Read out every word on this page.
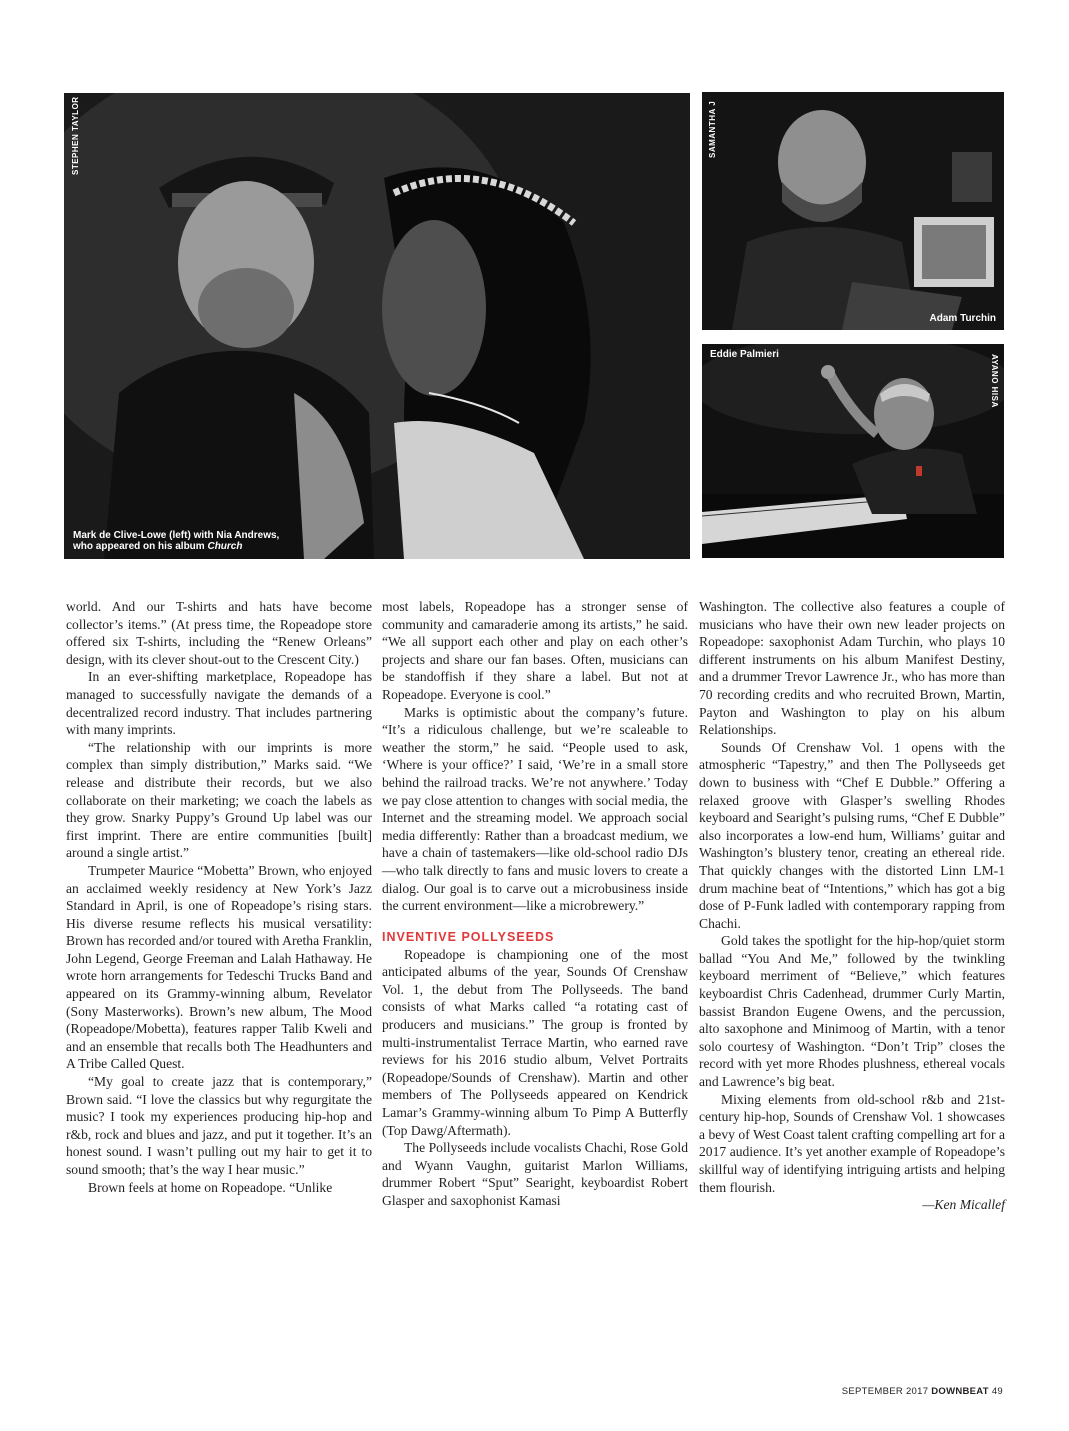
STEPHEN TAYLOR
Mark de Clive-Lowe (left) with Nia Andrews,
who appeared on his album Church
SAMANTHA J
Adam Turchin
Eddie Palmieri	AYANO HISA

world. And our T-shirts and hats have become collector’s items.” (At press time, the Ropeadope store offered six T-shirts, including the “Renew Orleans” design, with its clever shout-out to the Crescent City.)

In an ever-shifting marketplace, Ropeadope has managed to successfully navigate the demands of a decentralized record industry. That includes partnering with many imprints.

“The relationship with our imprints is more complex than simply distribution,” Marks said. “We release and distribute their records, but we also collaborate on their marketing; we coach the labels as they grow. Snarky Puppy’s Ground Up label was our first imprint. There are entire communities [built] around a single artist.”

Trumpeter Maurice “Mobetta” Brown, who enjoyed an acclaimed weekly residency at New York’s Jazz Standard in April, is one of Ropeadope’s rising stars. His diverse resume reflects his musical versatility: Brown has recorded and/or toured with Aretha Franklin, John Legend, George Freeman and Lalah Hathaway. He wrote horn arrangements for Tedeschi Trucks Band and appeared on its Grammy-winning album, Revelator (Sony Masterworks). Brown’s new album, The Mood (Ropeadope/Mobetta), features rapper Talib Kweli and and an ensemble that recalls both The Headhunters and A Tribe Called Quest.

“My goal to create jazz that is contemporary,” Brown said. “I love the classics but why regurgitate the music? I took my experiences producing hip-hop and r&b, rock and blues and jazz, and put it together. It’s an honest sound. I wasn’t pulling out my hair to get it to sound smooth; that’s the way I hear music.”

Brown feels at home on Ropeadope. “Unlike

most labels, Ropeadope has a stronger sense of community and camaraderie among its artists,” he said. “We all support each other and play on each other’s projects and share our fan bases. Often, musicians can be standoffish if they share a label. But not at Ropeadope. Everyone is cool.”

Marks is optimistic about the company’s future. “It’s a ridiculous challenge, but we’re scaleable to weather the storm,” he said. “People used to ask, ‘Where is your office?’ I said, ‘We’re in a small store behind the railroad tracks. We’re not anywhere.’ Today we pay close attention to changes with social media, the Internet and the streaming model. We approach social media differently: Rather than a broadcast medium, we have a chain of tastemakers—like old-school radio DJs—who talk directly to fans and music lovers to create a dialog. Our goal is to carve out a microbusiness inside the current environment—like a microbrewery.”

INVENTIVE POLLYSEEDS

Ropeadope is championing one of the most anticipated albums of the year, Sounds Of Crenshaw Vol. 1, the debut from The Pollyseeds. The band consists of what Marks called “a rotating cast of producers and musicians.” The group is fronted by multi-instrumentalist Terrace Martin, who earned rave reviews for his 2016 studio album, Velvet Portraits (Ropeadope/Sounds of Crenshaw). Martin and other members of The Pollyseeds appeared on Kendrick Lamar’s Grammy-winning album To Pimp A Butterfly (Top Dawg/Aftermath).

The Pollyseeds include vocalists Chachi, Rose Gold and Wyann Vaughn, guitarist Marlon Williams, drummer Robert “Sput” Searight, keyboardist Robert Glasper and saxophonist Kamasi

Washington. The collective also features a couple of musicians who have their own new leader projects on Ropeadope: saxophonist Adam Turchin, who plays 10 different instruments on his album Manifest Destiny, and a drummer Trevor Lawrence Jr., who has more than 70 recording credits and who recruited Brown, Martin, Payton and Washington to play on his album Relationships.

Sounds Of Crenshaw Vol. 1 opens with the atmospheric “Tapestry,” and then The Pollyseeds get down to business with “Chef E Dubble.” Offering a relaxed groove with Glasper’s swelling Rhodes keyboard and Searight’s pulsing rums, “Chef E Dubble” also incorporates a low-end hum, Williams’ guitar and Washington’s blustery tenor, creating an ethereal ride. That quickly changes with the distorted Linn LM-1 drum machine beat of “Intentions,” which has got a big dose of P-Funk ladled with contemporary rapping from Chachi.

Gold takes the spotlight for the hip-hop/quiet storm ballad “You And Me,” followed by the twinkling keyboard merriment of “Believe,” which features keyboardist Chris Cadenhead, drummer Curly Martin, bassist Brandon Eugene Owens, and the percussion, alto saxophone and Minimoog of Martin, with a tenor solo courtesy of Washington. “Don’t Trip” closes the record with yet more Rhodes plushness, ethereal vocals and Lawrence’s big beat.

Mixing elements from old-school r&b and 21st-century hip-hop, Sounds of Crenshaw Vol. 1 showcases a bevy of West Coast talent crafting compelling art for a 2017 audience. It’s yet another example of Ropeadope’s skillful way of identifying intriguing artists and helping them flourish.

—Ken Micallef

SEPTEMBER 2017 DOWNBEAT 49
